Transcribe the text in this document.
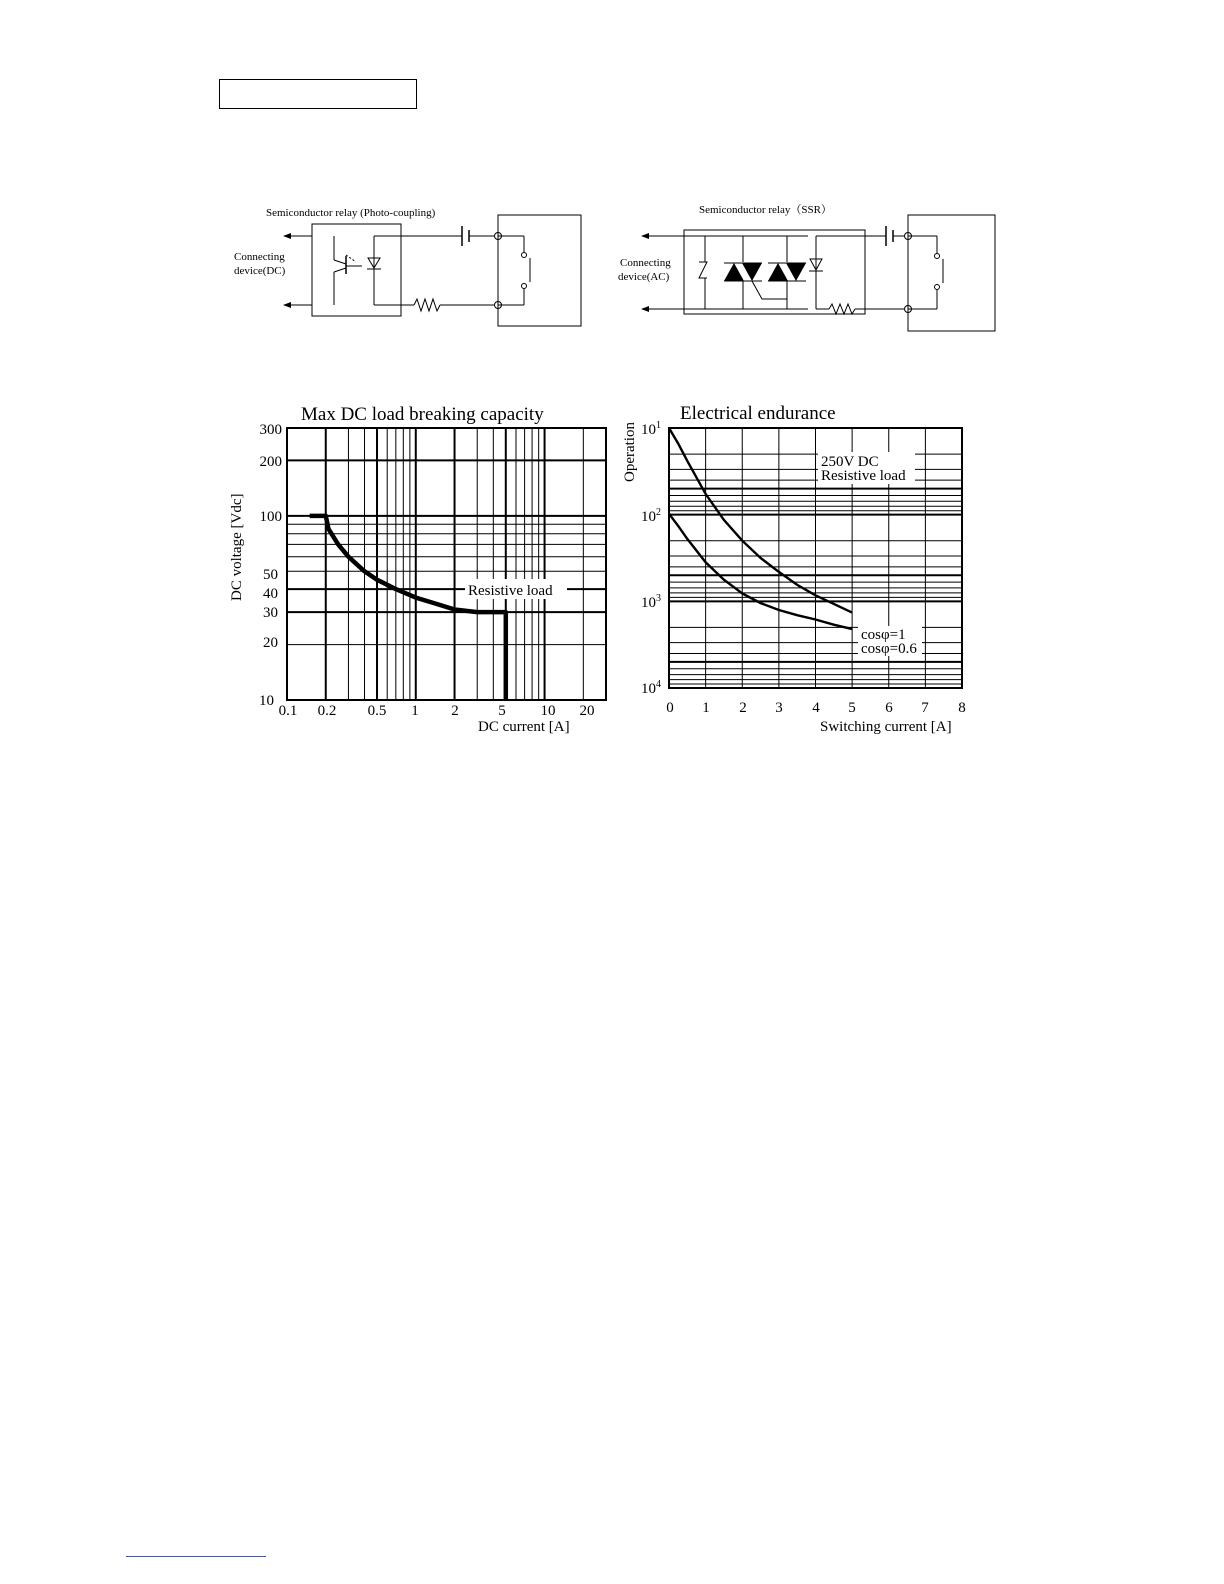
Semiconductor relay (Photo-coupling)
Connecting
device(DC)
Semiconductor relay（SSR）
Connecting
device(AC)
Max DC load breaking capacity
0.1 0.2 0.5 1 2	5 10 20
300
200
100
50
40
30
20
10
DC current [A]
DC voltage [Vdc]	Resistive load
Electrical endurance
0 1 2 3 4 5 6 7 8
$10^1$
$10^2$
$10^3$
$10^4$
Switching current [A]
Operation	250V DC
Resistive load
cosφ=1
cosφ=0.6
